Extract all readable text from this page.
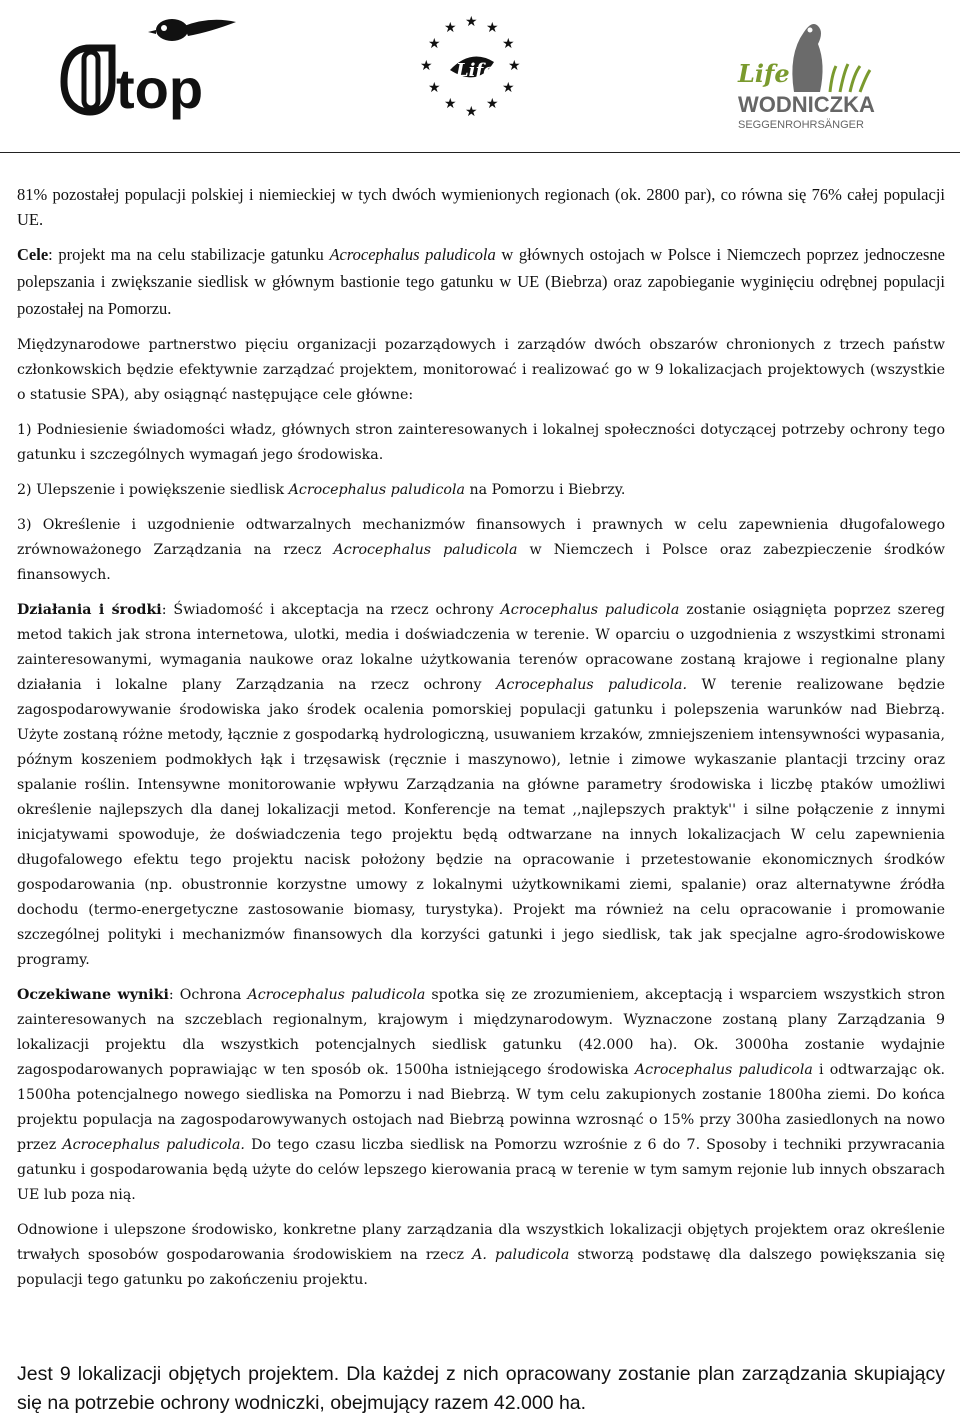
top
★ ★
★
★
★
★
★
★
★
★
★
★
Life	Life
WODNICZKA
SEGGENROHRSÄNGER

81% pozostałej populacji polskiej i niemieckiej w tych dwóch wymienionych regionach (ok. 2800 par), co równa się 76% całej populacji UE.

Cele: projekt ma na celu stabilizacje gatunku Acrocephalus paludicola w głównych ostojach w Polsce i Niemczech poprzez jednoczesne polepszania i zwiększanie siedlisk w głównym bastionie tego gatunku w UE (Biebrza) oraz zapobieganie wyginięciu odrębnej populacji pozostałej na Pomorzu.

Międzynarodowe partnerstwo pięciu organizacji pozarządowych i zarządów dwóch obszarów chronionych z trzech państw członkowskich będzie efektywnie zarządzać projektem, monitorować i realizować go w 9 lokalizacjach projektowych (wszystkie o statusie SPA), aby osiągnąć następujące cele główne:

1) Podniesienie świadomości władz, głównych stron zainteresowanych i lokalnej społeczności dotyczącej potrzeby ochrony tego gatunku i szczególnych wymagań jego środowiska.

2) Ulepszenie i powiększenie siedlisk Acrocephalus paludicola na Pomorzu i Biebrzy.

3) Określenie i uzgodnienie odtwarzalnych mechanizmów finansowych i prawnych w celu zapewnienia długofalowego zrównoważonego Zarządzania na rzecz Acrocephalus paludicola w Niemczech i Polsce oraz zabezpieczenie środków finansowych.

Działania i środki: Świadomość i akceptacja na rzecz ochrony Acrocephalus paludicola zostanie osiągnięta poprzez szereg metod takich jak strona internetowa, ulotki, media i doświadczenia w terenie. W oparciu o uzgodnienia z wszystkimi stronami zainteresowanymi, wymagania naukowe oraz lokalne użytkowania terenów opracowane zostaną krajowe i regionalne plany działania i lokalne plany Zarządzania na rzecz ochrony Acrocephalus paludicola. W terenie realizowane będzie zagospodarowywanie środowiska jako środek ocalenia pomorskiej populacji gatunku i polepszenia warunków nad Biebrzą. Użyte zostaną różne metody, łącznie z gospodarką hydrologiczną, usuwaniem krzaków, zmniejszeniem intensywności wypasania, późnym koszeniem podmokłych łąk i trzęsawisk (ręcznie i maszynowo), letnie i zimowe wykaszanie plantacji trzciny oraz spalanie roślin. Intensywne monitorowanie wpływu Zarządzania na główne parametry środowiska i liczbę ptaków umożliwi określenie najlepszych dla danej lokalizacji metod. Konferencje na temat ,,najlepszych praktyk'' i silne połączenie z innymi inicjatywami spowoduje, że doświadczenia tego projektu będą odtwarzane na innych lokalizacjach W celu zapewnienia długofalowego efektu tego projektu nacisk położony będzie na opracowanie i przetestowanie ekonomicznych środków gospodarowania (np. obustronnie korzystne umowy z lokalnymi użytkownikami ziemi, spalanie) oraz alternatywne źródła dochodu (termo-energetyczne zastosowanie biomasy, turystyka). Projekt ma również na celu opracowanie i promowanie szczególnej polityki i mechanizmów finansowych dla korzyści gatunki i jego siedlisk, tak jak specjalne agro-środowiskowe programy.

Oczekiwane wyniki: Ochrona Acrocephalus paludicola spotka się ze zrozumieniem, akceptacją i wsparciem wszystkich stron zainteresowanych na szczeblach regionalnym, krajowym i międzynarodowym. Wyznaczone zostaną plany Zarządzania 9 lokalizacji projektu dla wszystkich potencjalnych siedlisk gatunku (42.000 ha). Ok. 3000ha zostanie wydajnie zagospodarowanych poprawiając w ten sposób ok. 1500ha istniejącego środowiska Acrocephalus paludicola i odtwarzając ok. 1500ha potencjalnego nowego siedliska na Pomorzu i nad Biebrzą. W tym celu zakupionych zostanie 1800ha ziemi. Do końca projektu populacja na zagospodarowywanych ostojach nad Biebrzą powinna wzrosnąć o 15% przy 300ha zasiedlonych na nowo przez Acrocephalus paludicola. Do tego czasu liczba siedlisk na Pomorzu wzrośnie z 6 do 7. Sposoby i techniki przywracania gatunku i gospodarowania będą użyte do celów lepszego kierowania pracą w terenie w tym samym rejonie lub innych obszarach UE lub poza nią.

Odnowione i ulepszone środowisko, konkretne plany zarządzania dla wszystkich lokalizacji objętych projektem oraz określenie trwałych sposobów gospodarowania środowiskiem na rzecz A. paludicola stworzą podstawę dla dalszego powiększania się populacji tego gatunku po zakończeniu projektu.

Jest 9 lokalizacji objętych projektem. Dla każdej z nich opracowany zostanie plan zarządzania skupiający się na potrzebie ochrony wodniczki, obejmujący razem 42.000 ha.
